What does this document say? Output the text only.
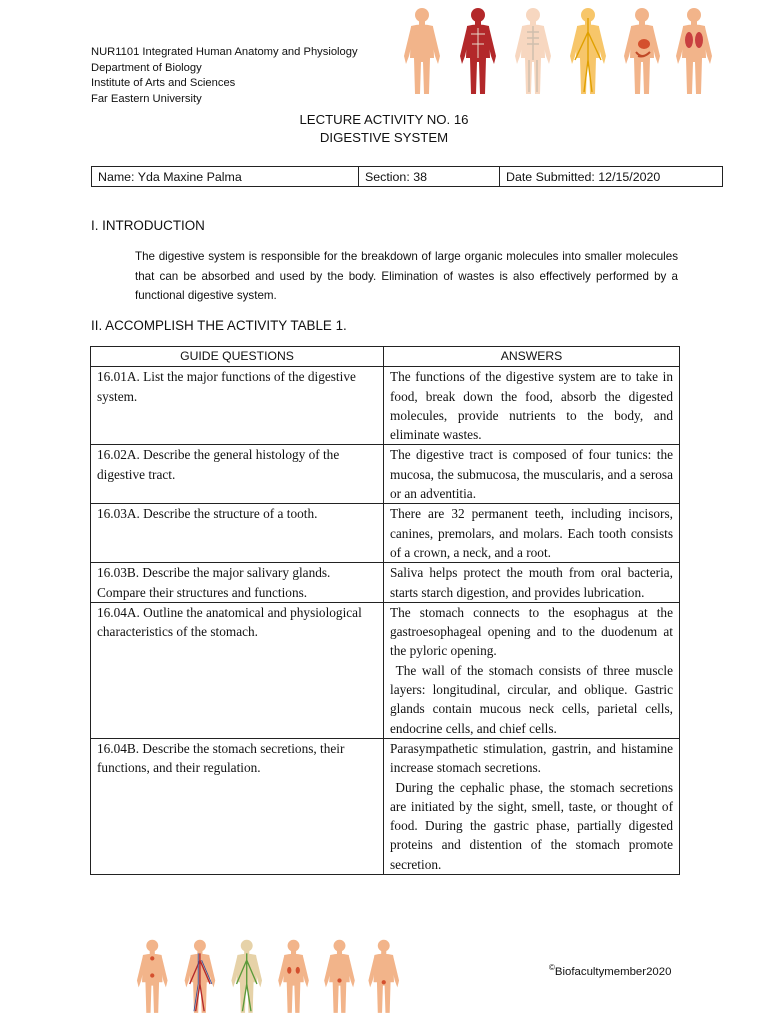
NUR1101 Integrated Human Anatomy and Physiology
Department of Biology
Institute of Arts and Sciences
Far Eastern University
LECTURE ACTIVITY NO. 16
DIGESTIVE SYSTEM
Name: Yda Maxine Palma	Section: 38	Date Submitted: 12/15/2020
I. INTRODUCTION
The digestive system is responsible for the breakdown of large organic molecules into smaller molecules that can be absorbed and used by the body. Elimination of wastes is also effectively performed by a functional digestive system.
II. ACCOMPLISH THE ACTIVITY TABLE 1.
GUIDE QUESTIONS	ANSWERS
16.01A. List the major functions of the digestive system.	The functions of the digestive system are to take in food, break down the food, absorb the digested molecules, provide nutrients to the body, and eliminate wastes.

16.02A. Describe the general histology of the digestive tract.	The digestive tract is composed of four tunics: the mucosa, the submucosa, the muscularis, and a serosa or an adventitia.

16.03A. Describe the structure of a tooth.	There are 32 permanent teeth, including incisors, canines, premolars, and molars. Each tooth consists of a crown, a neck, and a root.

16.03B. Describe the major salivary glands. Compare their structures and functions.	Saliva helps protect the mouth from oral bacteria, starts starch digestion, and provides lubrication.

16.04A. Outline the anatomical and physiological characteristics of the stomach.	The stomach connects to the esophagus at the gastroesophageal opening and to the duodenum at the pyloric opening.
The wall of the stomach consists of three muscle layers: longitudinal, circular, and oblique. Gastric glands contain mucous neck cells, parietal cells, endocrine cells, and chief cells.

16.04B. Describe the stomach secretions, their functions, and their regulation.	Parasympathetic stimulation, gastrin, and histamine increase stomach secretions.
During the cephalic phase, the stomach secretions are initiated by the sight, smell, taste, or thought of food. During the gastric phase, partially digested proteins and distention of the stomach promote secretion.
©Biofacultymember2020
